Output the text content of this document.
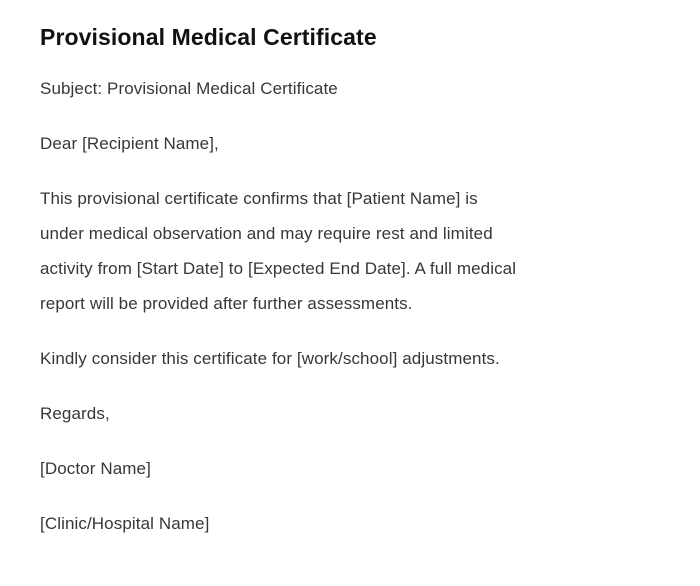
Provisional Medical Certificate

Subject: Provisional Medical Certificate

Dear [Recipient Name],

This provisional certificate confirms that [Patient Name] is
under medical observation and may require rest and limited
activity from [Start Date] to [Expected End Date]. A full medical
report will be provided after further assessments.

Kindly consider this certificate for [work/school] adjustments.

Regards,

[Doctor Name]

[Clinic/Hospital Name]
